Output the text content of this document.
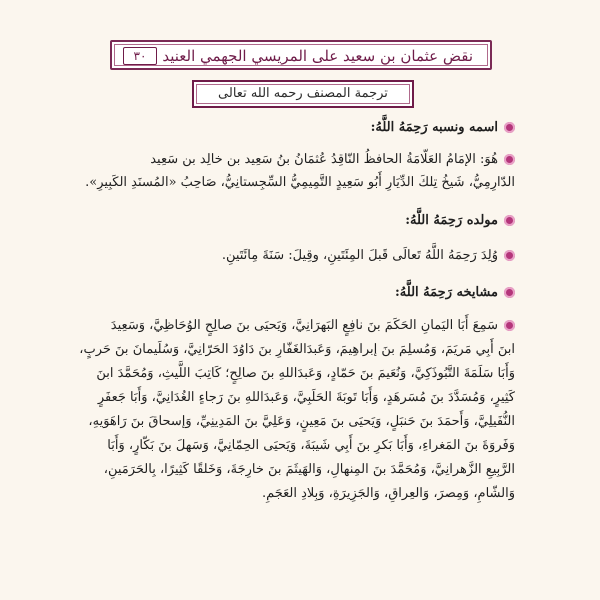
نقض عثمان بن سعيد على المريسي الجهمي العنيد
٣٠
ترجمة المصنف رحمه الله تعالى
اسمه ونسبه رَحِمَهُ اللَّهُ:
هُوَ: الإمَامُ العَلّامَةُ الحافظُ النّاقِدُ عُثمَانُ بنُ سَعِيد بن خالِد بن سَعِيد
الدّارِمِيُّ، شَيخُ تِلكَ الدِّيَارِ أَبُو سَعِيدٍ التَّمِيمِيُّ السِّجِستانِيُّ، صَاحِبُ «المُسنَدِ الكَبِيرِ».
مولده رَحِمَهُ اللَّهُ:
وُلِدَ رَحِمَهُ اللَّهُ تَعالَى قَبلَ المِئَتَينِ، وقِيلَ: سَنَةَ مِائَتَينِ.
مشايخه رَحِمَهُ اللَّهُ:
سَمِعَ أَبَا اليَمانِ الحَكَمَ بنَ نافِعٍ البَهرَانِيَّ، وَيَحيَى بنَ صالِحٍ الوُحَاظِيَّ، وَسَعِيدَ
ابنَ أَبِي مَريَمَ، وَمُسلِمَ بنَ إبراهِيمَ، وَعَبدَالغَفّارِ بنَ دَاوُدَ الحَرّانِيَّ، وَسُلَيمانَ بنَ حَربٍ،
وَأَبَا سَلَمَةَ التَّبُوذَكِيَّ، وَنُعَيمَ بنَ حَمّادٍ، وَعَبدَاللهِ بنَ صالِحٍ؛ كَاتِبَ اللَّيثِ، وَمُحَمَّدَ ابنَ
كَثِيرٍ، وَمُسَدَّدَ بنَ مُسَرهَدٍ، وَأَبَا تَوبَةَ الحَلَبِيَّ، وَعَبدَاللهِ بنَ رَجاءٍ الغُدَانِيَّ، وَأَبَا جَعفَرٍ
النُّفَيلِيَّ، وَأَحمَدَ بنَ حَنبَلٍ، وَيَحيَى بنَ مَعِينٍ، وَعَلِيَّ بنَ المَدِينِيِّ، وَإسحاقَ بنَ رَاهَوَيهِ،
وَفَروَةَ بنَ المَغراءِ، وَأَبَا بَكرِ بنَ أَبِي شَيبَةَ، وَيَحيَى الحِمّانِيَّ، وَسَهلَ بنَ بَكّارٍ، وَأَبَا
الرَّبِيعِ الزَّهرانِيَّ، وَمُحَمَّدَ بنَ المِنهالِ، وَالهَيثَمَ بنَ خارِجَةَ، وَخَلقًا كَثِيرًا، بِالحَرَمَينِ،
وَالشّامِ، وَمِصرَ، وَالعِراقِ، وَالجَزِيرَةِ، وَبِلادِ العَجَمِ.
